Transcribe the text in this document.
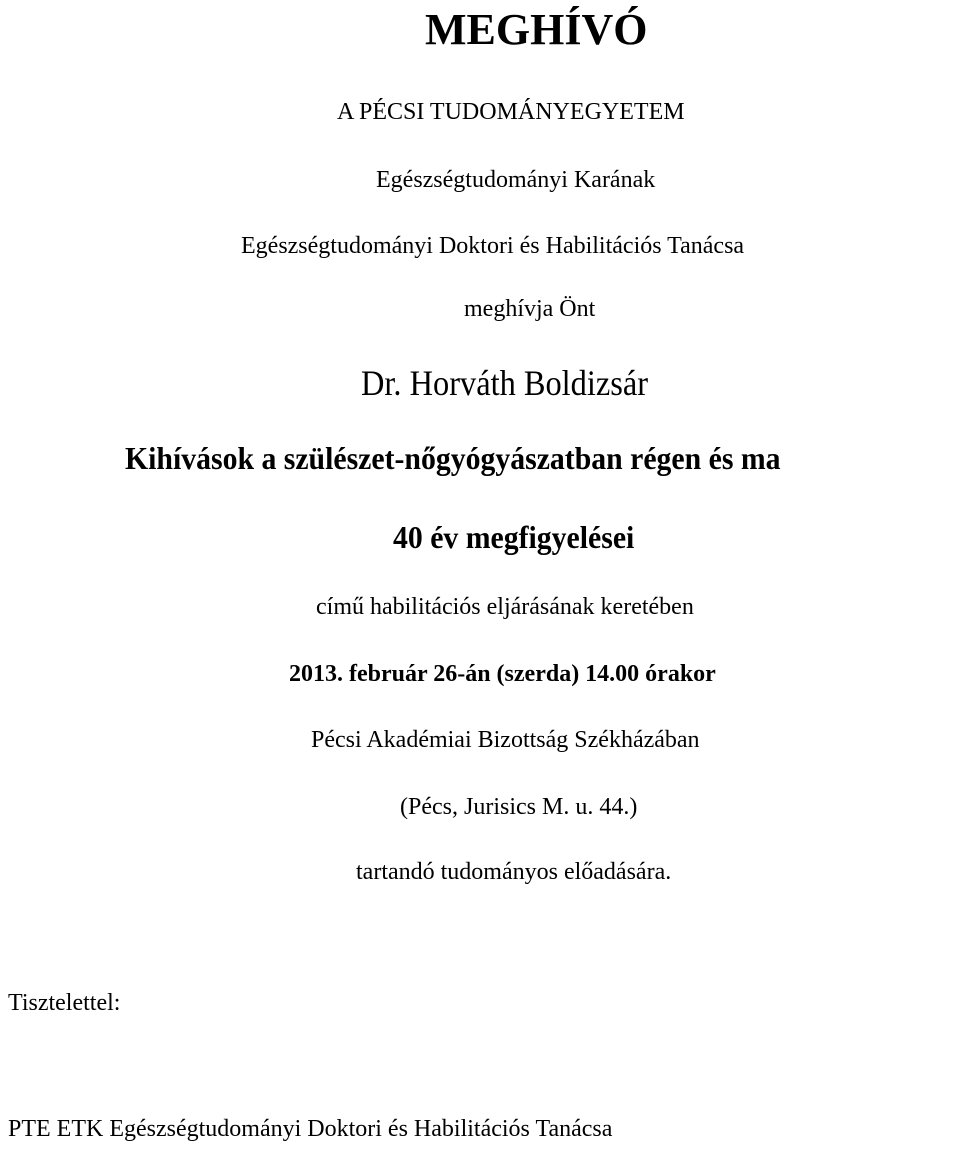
MEGHÍVÓ
A PÉCSI TUDOMÁNYEGYETEM
Egészségtudományi Karának
Egészségtudományi Doktori és Habilitációs Tanácsa
meghívja Önt
Dr. Horváth Boldizsár
Kihívások a szülészet-nőgyógyászatban régen és ma
40 év megfigyelései
című habilitációs eljárásának keretében
2013. február 26-án (szerda) 14.00 órakor
Pécsi Akadémiai Bizottság Székházában
(Pécs, Jurisics M. u. 44.)
tartandó tudományos előadására.
Tisztelettel:
PTE ETK Egészségtudományi Doktori és Habilitációs Tanácsa
